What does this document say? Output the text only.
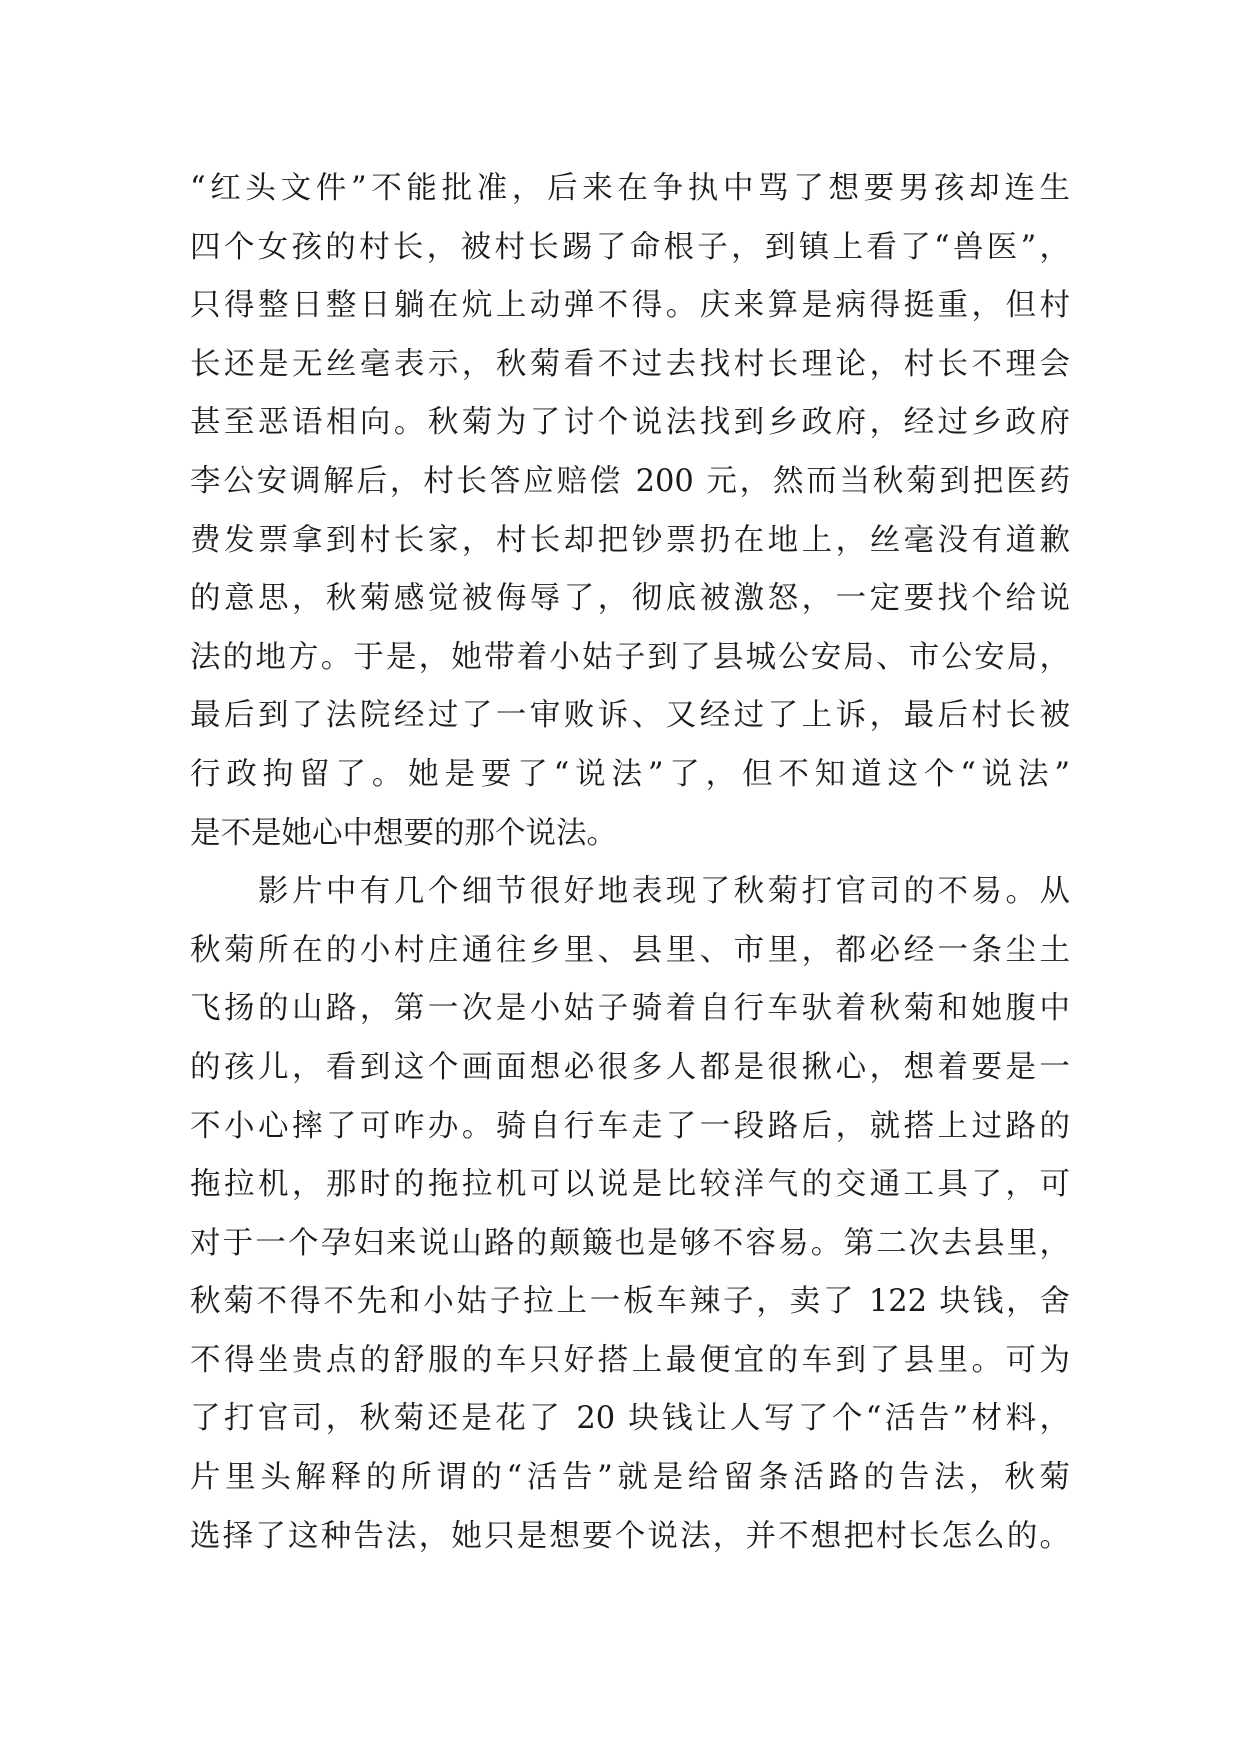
“红头文件”不能批准，后来在争执中骂了想要男孩却连生
四个女孩的村长，被村长踢了命根子，到镇上看了“兽医”，
只得整日整日躺在炕上动弹不得。庆来算是病得挺重，但村
长还是无丝毫表示，秋菊看不过去找村长理论，村长不理会
甚至恶语相向。秋菊为了讨个说法找到乡政府，经过乡政府
李公安调解后，村长答应赔偿 200 元，然而当秋菊到把医药
费发票拿到村长家，村长却把钞票扔在地上，丝毫没有道歉
的意思，秋菊感觉被侮辱了，彻底被激怒，一定要找个给说
法的地方。于是，她带着小姑子到了县城公安局、市公安局，
最后到了法院经过了一审败诉、又经过了上诉，最后村长被
行政拘留了。她是要了“说法”了，但不知道这个“说法”
是不是她心中想要的那个说法。
　　影片中有几个细节很好地表现了秋菊打官司的不易。从
秋菊所在的小村庄通往乡里、县里、市里，都必经一条尘土
飞扬的山路，第一次是小姑子骑着自行车驮着秋菊和她腹中
的孩儿，看到这个画面想必很多人都是很揪心，想着要是一
不小心摔了可咋办。骑自行车走了一段路后，就搭上过路的
拖拉机，那时的拖拉机可以说是比较洋气的交通工具了，可
对于一个孕妇来说山路的颠簸也是够不容易。第二次去县里，
秋菊不得不先和小姑子拉上一板车辣子，卖了 122 块钱，舍
不得坐贵点的舒服的车只好搭上最便宜的车到了县里。可为
了打官司，秋菊还是花了 20 块钱让人写了个“活告”材料，
片里头解释的所谓的“活告”就是给留条活路的告法，秋菊
选择了这种告法，她只是想要个说法，并不想把村长怎么的。
